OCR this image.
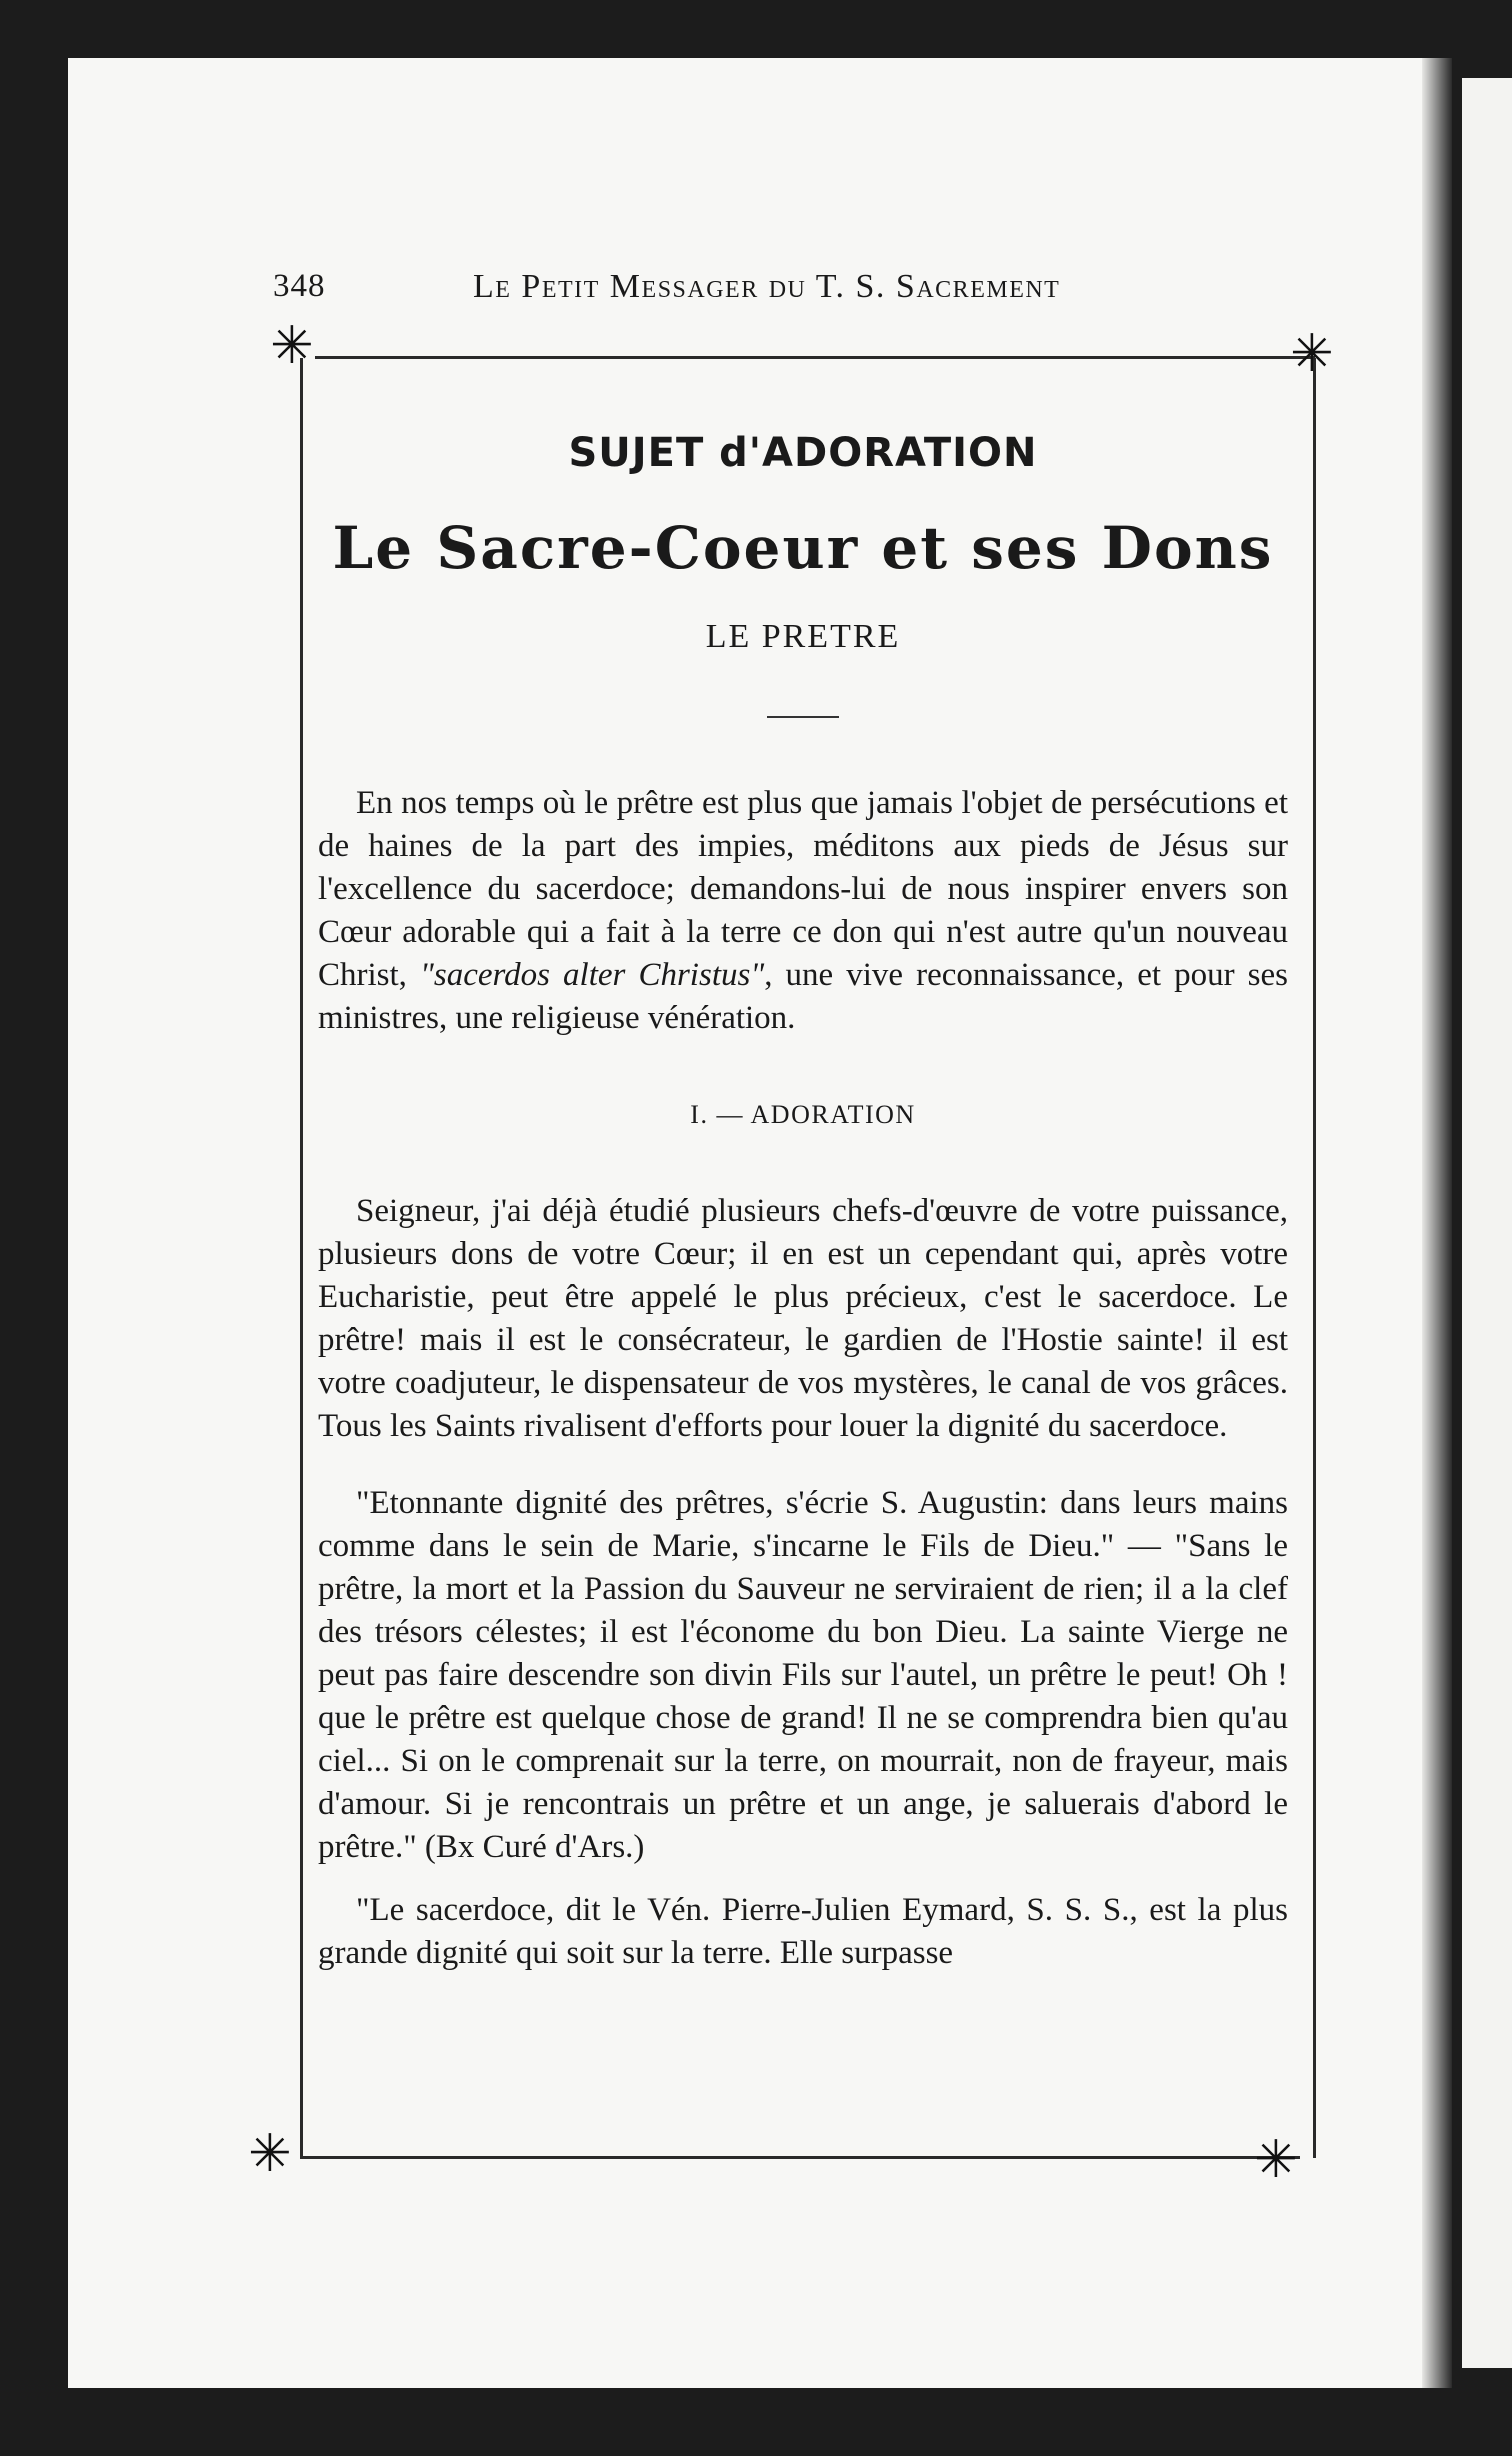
348	Le Petit Messager du T. S. Sacrement
✳	✳
✳	✳
SUJET d'ADORATION
Le Sacre-Coeur et ses Dons
LE PRETRE

En nos temps où le prêtre est plus que jamais l'objet de persécutions et de haines de la part des impies, méditons aux pieds de Jésus sur l'excellence du sacerdoce; demandons-lui de nous inspirer envers son Cœur adorable qui a fait à la terre ce don qui n'est autre qu'un nouveau Christ, "sacerdos alter Christus", une vive reconnaissance, et pour ses ministres, une religieuse vénération.

I. — ADORATION

Seigneur, j'ai déjà étudié plusieurs chefs-d'œuvre de votre puissance, plusieurs dons de votre Cœur; il en est un cependant qui, après votre Eucharistie, peut être appelé le plus précieux, c'est le sacerdoce. Le prêtre! mais il est le consécrateur, le gardien de l'Hostie sainte! il est votre coadjuteur, le dispensateur de vos mystères, le canal de vos grâces. Tous les Saints rivalisent d'efforts pour louer la dignité du sacerdoce.

"Etonnante dignité des prêtres, s'écrie S. Augustin: dans leurs mains comme dans le sein de Marie, s'incarne le Fils de Dieu." — "Sans le prêtre, la mort et la Passion du Sauveur ne serviraient de rien; il a la clef des trésors célestes; il est l'économe du bon Dieu. La sainte Vierge ne peut pas faire descendre son divin Fils sur l'autel, un prêtre le peut! Oh ! que le prêtre est quelque chose de grand! Il ne se comprendra bien qu'au ciel... Si on le comprenait sur la terre, on mourrait, non de frayeur, mais d'amour. Si je rencontrais un prêtre et un ange, je saluerais d'abord le prêtre." (Bx Curé d'Ars.)

"Le sacerdoce, dit le Vén. Pierre-Julien Eymard, S. S. S., est la plus grande dignité qui soit sur la terre. Elle surpasse
